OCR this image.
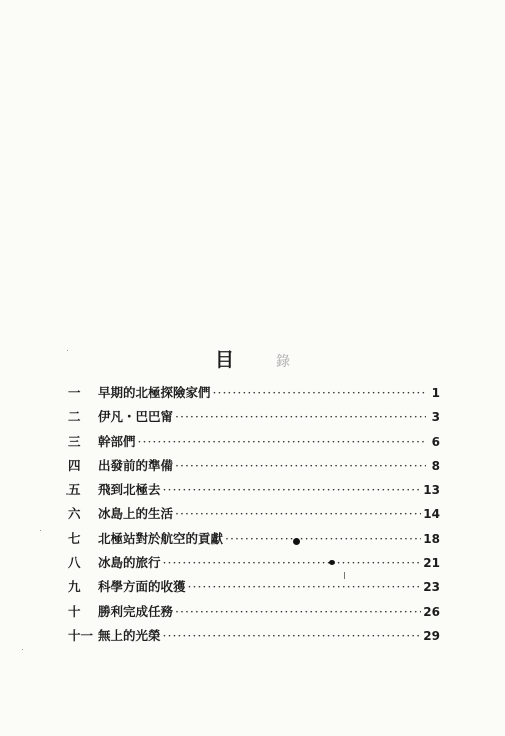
目錄
一	早期的北極探險家們 ·····	1
二	伊凡・巴巴甯 ·····	3
三	幹部們 ·····	6
四	出發前的準備 ·····	8
五	飛到北極去 ·····	13
六	冰島上的生活 ·····	14
七	北極站對於航空的貢獻 ·····	18
八	冰島的旅行 ·····	21
九	科學方面的收獲 ·····	23
十	勝利完成任務 ·····	26
十一 無上的光榮 ·····	29
